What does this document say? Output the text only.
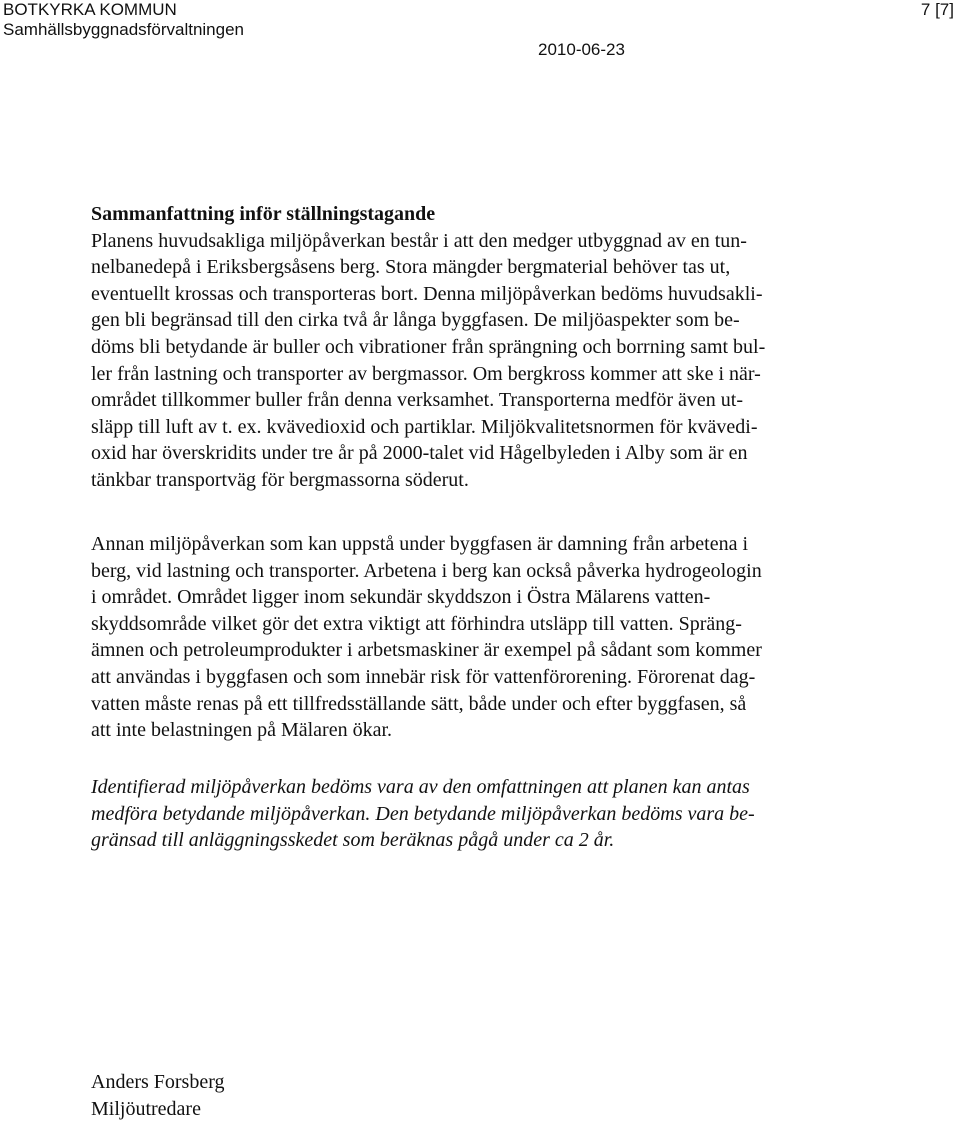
BOTKYRKA KOMMUN
Samhällsbyggnadsförvaltningen
7 [7]
2010-06-23
Sammanfattning inför ställningstagande
Planens huvudsakliga miljöpåverkan består i att den medger utbyggnad av en tun-
nelbanedepå i Eriksbergsåsens berg. Stora mängder bergmaterial behöver tas ut,
eventuellt krossas och transporteras bort. Denna miljöpåverkan bedöms huvudsakli-
gen bli begränsad till den cirka två år långa byggfasen. De miljöaspekter som be-
döms bli betydande är buller och vibrationer från sprängning och borrning samt bul-
ler från lastning och transporter av bergmassor. Om bergkross kommer att ske i när-
området tillkommer buller från denna verksamhet. Transporterna medför även ut-
släpp till luft av t. ex. kvävedioxid och partiklar. Miljökvalitetsnormen för kvävedi-
oxid har överskridits under tre år på 2000-talet vid Hågelbyleden i Alby som är en
tänkbar transportväg för bergmassorna söderut.
Annan miljöpåverkan som kan uppstå under byggfasen är damning från arbetena i
berg, vid lastning och transporter. Arbetena i berg kan också påverka hydrogeologin
i området. Området ligger inom sekundär skyddszon i Östra Mälarens vatten-
skyddsområde vilket gör det extra viktigt att förhindra utsläpp till vatten. Spräng-
ämnen och petroleumprodukter i arbetsmaskiner är exempel på sådant som kommer
att användas i byggfasen och som innebär risk för vattenförorening. Förorenat dag-
vatten måste renas på ett tillfredsställande sätt, både under och efter byggfasen, så
att inte belastningen på Mälaren ökar.
Identifierad miljöpåverkan bedöms vara av den omfattningen att planen kan antas
medföra betydande miljöpåverkan. Den betydande miljöpåverkan bedöms vara be-
gränsad till anläggningsskedet som beräknas pågå under ca 2 år.
Anders Forsberg
Miljöutredare
